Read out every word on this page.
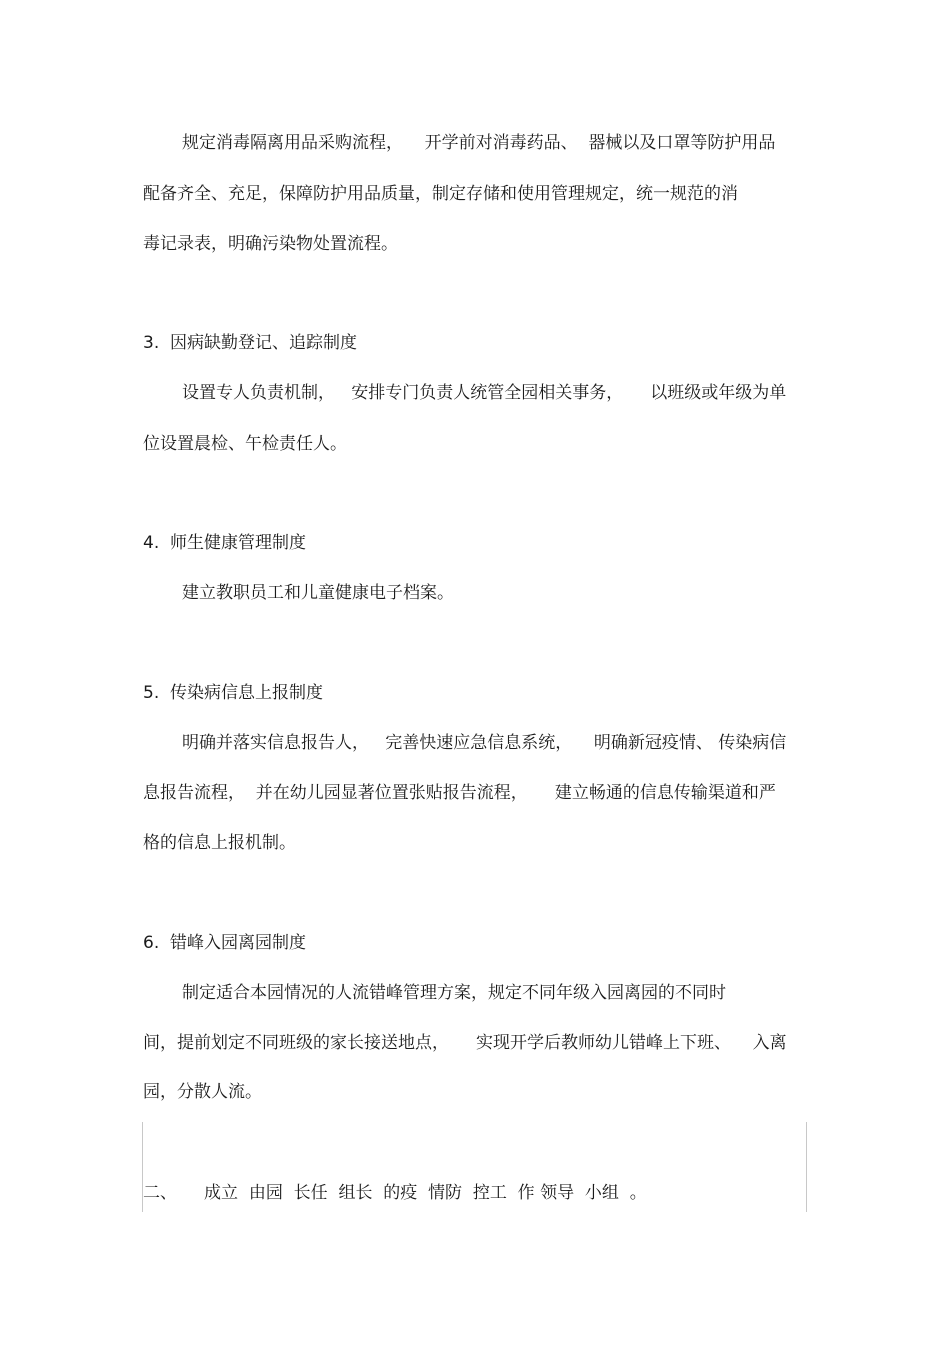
规定消毒隔离用品采购流程，    开学前对消毒药品、  器械以及口罩等防护用品
配备齐全、充足，保障防护用品质量，制定存储和使用管理规定，统一规范的消
毒记录表，明确污染物处置流程。
3.  因病缺勤登记、追踪制度
设置专人负责机制，   安排专门负责人统管全园相关事务，     以班级或年级为单
位设置晨检、午检责任人。
4.  师生健康管理制度
建立教职员工和儿童健康电子档案。
5.  传染病信息上报制度
明确并落实信息报告人，   完善快速应急信息系统，    明确新冠疫情、 传染病信
息报告流程，  并在幼儿园显著位置张贴报告流程，     建立畅通的信息传输渠道和严
格的信息上报机制。
6.  错峰入园离园制度
制定适合本园情况的人流错峰管理方案，规定不同年级入园离园的不同时
间，提前划定不同班级的家长接送地点，     实现开学后教师幼儿错峰上下班、    入离
园，分散人流。
二、     成立  由园  长任  组长  的疫  情防  控工  作 领导  小组  。
